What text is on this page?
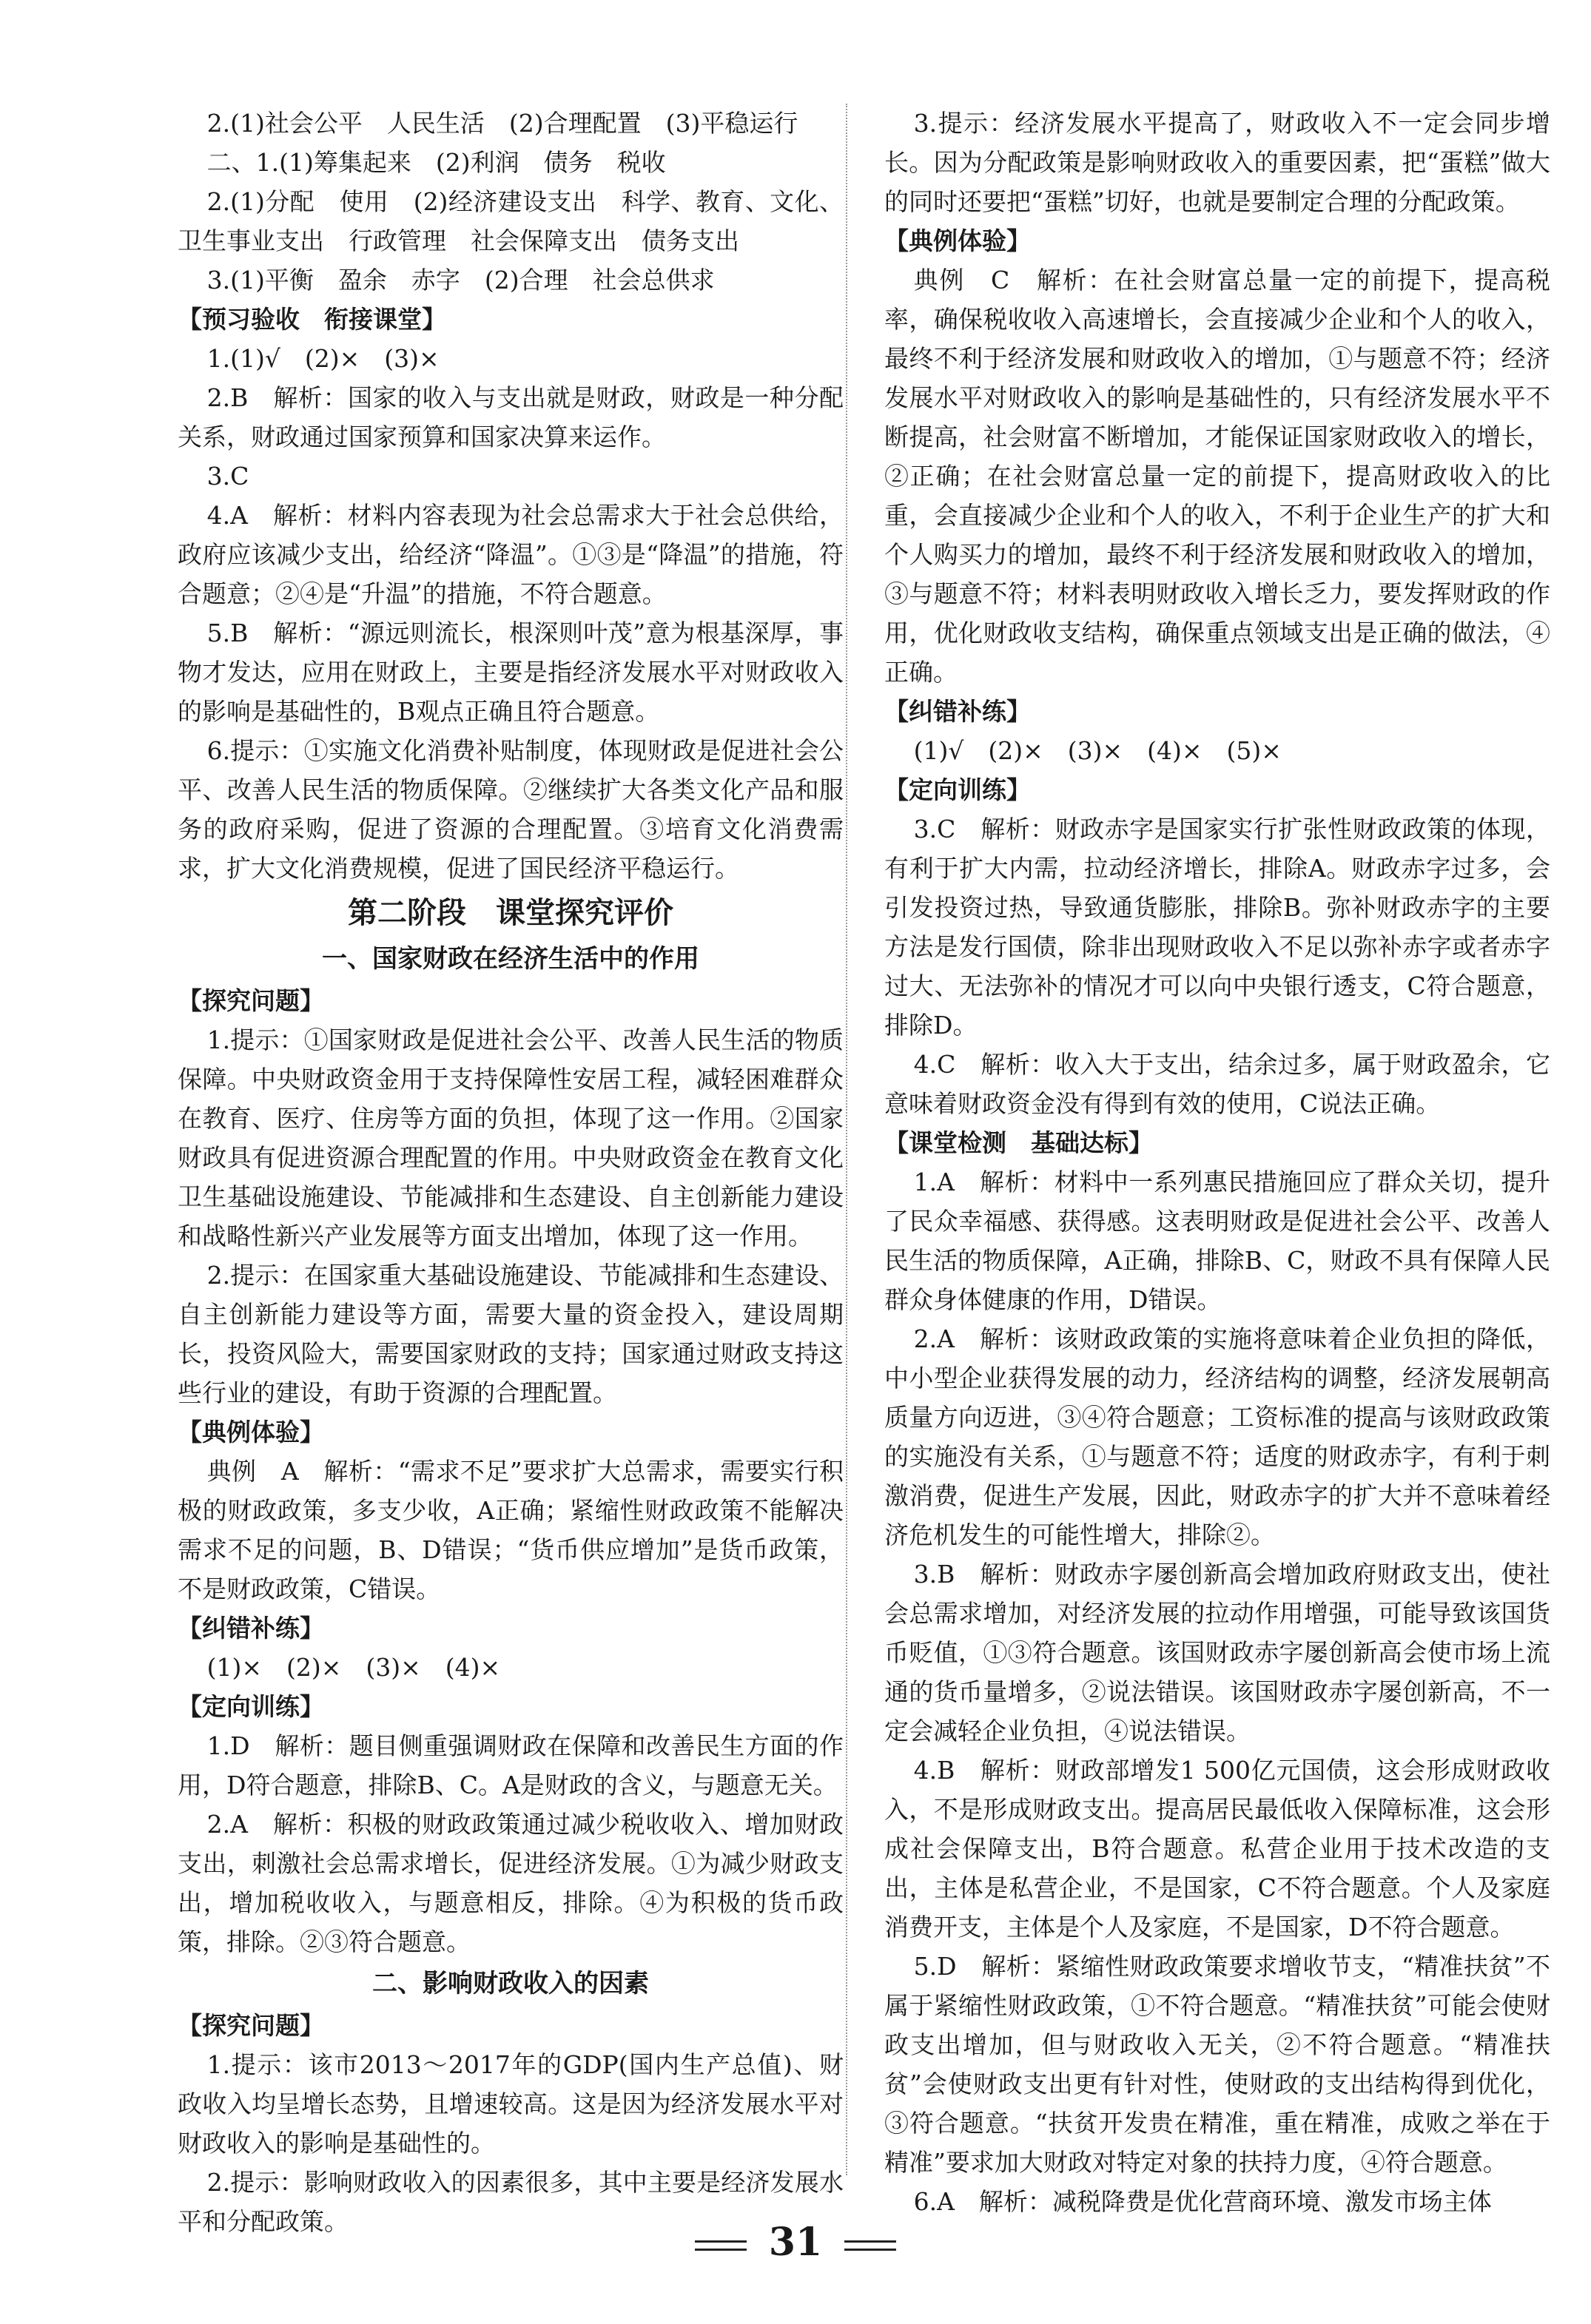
2.(1)社会公平　人民生活　(2)合理配置　(3)平稳运行

二、1.(1)筹集起来　(2)利润　债务　税收

2.(1)分配　使用　(2)经济建设支出　科学、教育、文化、卫生事业支出　行政管理　社会保障支出　债务支出

3.(1)平衡　盈余　赤字　(2)合理　社会总供求

【预习验收　衔接课堂】

1.(1)√　(2)×　(3)×

2.B　解析：国家的收入与支出就是财政，财政是一种分配关系，财政通过国家预算和国家决算来运作。

3.C

4.A　解析：材料内容表现为社会总需求大于社会总供给，政府应该减少支出，给经济“降温”。①③是“降温”的措施，符合题意；②④是“升温”的措施，不符合题意。

5.B　解析：“源远则流长，根深则叶茂”意为根基深厚，事物才发达，应用在财政上，主要是指经济发展水平对财政收入的影响是基础性的，B观点正确且符合题意。

6.提示：①实施文化消费补贴制度，体现财政是促进社会公平、改善人民生活的物质保障。②继续扩大各类文化产品和服务的政府采购，促进了资源的合理配置。③培育文化消费需求，扩大文化消费规模，促进了国民经济平稳运行。

第二阶段　课堂探究评价

一、国家财政在经济生活中的作用

【探究问题】

1.提示：①国家财政是促进社会公平、改善人民生活的物质保障。中央财政资金用于支持保障性安居工程，减轻困难群众在教育、医疗、住房等方面的负担，体现了这一作用。②国家财政具有促进资源合理配置的作用。中央财政资金在教育文化卫生基础设施建设、节能减排和生态建设、自主创新能力建设和战略性新兴产业发展等方面支出增加，体现了这一作用。

2.提示：在国家重大基础设施建设、节能减排和生态建设、自主创新能力建设等方面，需要大量的资金投入，建设周期长，投资风险大，需要国家财政的支持；国家通过财政支持这些行业的建设，有助于资源的合理配置。

【典例体验】

典例　A　解析：“需求不足”要求扩大总需求，需要实行积极的财政政策，多支少收，A正确；紧缩性财政政策不能解决需求不足的问题，B、D错误；“货币供应增加”是货币政策，不是财政政策，C错误。

【纠错补练】

(1)×　(2)×　(3)×　(4)×

【定向训练】

1.D　解析：题目侧重强调财政在保障和改善民生方面的作用，D符合题意，排除B、C。A是财政的含义，与题意无关。

2.A　解析：积极的财政政策通过减少税收收入、增加财政支出，刺激社会总需求增长，促进经济发展。①为减少财政支出，增加税收收入，与题意相反，排除。④为积极的货币政策，排除。②③符合题意。

二、影响财政收入的因素

【探究问题】

1.提示：该市2013～2017年的GDP(国内生产总值)、财政收入均呈增长态势，且增速较高。这是因为经济发展水平对财政收入的影响是基础性的。

2.提示：影响财政收入的因素很多，其中主要是经济发展水平和分配政策。

3.提示：经济发展水平提高了，财政收入不一定会同步增长。因为分配政策是影响财政收入的重要因素，把“蛋糕”做大的同时还要把“蛋糕”切好，也就是要制定合理的分配政策。

【典例体验】

典例　C　解析：在社会财富总量一定的前提下，提高税率，确保税收收入高速增长，会直接减少企业和个人的收入，最终不利于经济发展和财政收入的增加，①与题意不符；经济发展水平对财政收入的影响是基础性的，只有经济发展水平不断提高，社会财富不断增加，才能保证国家财政收入的增长，②正确；在社会财富总量一定的前提下，提高财政收入的比重，会直接减少企业和个人的收入，不利于企业生产的扩大和个人购买力的增加，最终不利于经济发展和财政收入的增加，③与题意不符；材料表明财政收入增长乏力，要发挥财政的作用，优化财政收支结构，确保重点领域支出是正确的做法，④正确。

【纠错补练】

(1)√　(2)×　(3)×　(4)×　(5)×

【定向训练】

3.C　解析：财政赤字是国家实行扩张性财政政策的体现，有利于扩大内需，拉动经济增长，排除A。财政赤字过多，会引发投资过热，导致通货膨胀，排除B。弥补财政赤字的主要方法是发行国债，除非出现财政收入不足以弥补赤字或者赤字过大、无法弥补的情况才可以向中央银行透支，C符合题意，排除D。

4.C　解析：收入大于支出，结余过多，属于财政盈余，它意味着财政资金没有得到有效的使用，C说法正确。

【课堂检测　基础达标】

1.A　解析：材料中一系列惠民措施回应了群众关切，提升了民众幸福感、获得感。这表明财政是促进社会公平、改善人民生活的物质保障，A正确，排除B、C，财政不具有保障人民群众身体健康的作用，D错误。

2.A　解析：该财政政策的实施将意味着企业负担的降低，中小型企业获得发展的动力，经济结构的调整，经济发展朝高质量方向迈进，③④符合题意；工资标准的提高与该财政政策的实施没有关系，①与题意不符；适度的财政赤字，有利于刺激消费，促进生产发展，因此，财政赤字的扩大并不意味着经济危机发生的可能性增大，排除②。

3.B　解析：财政赤字屡创新高会增加政府财政支出，使社会总需求增加，对经济发展的拉动作用增强，可能导致该国货币贬值，①③符合题意。该国财政赤字屡创新高会使市场上流通的货币量增多，②说法错误。该国财政赤字屡创新高，不一定会减轻企业负担，④说法错误。

4.B　解析：财政部增发1 500亿元国债，这会形成财政收入，不是形成财政支出。提高居民最低收入保障标准，这会形成社会保障支出，B符合题意。私营企业用于技术改造的支出，主体是私营企业，不是国家，C不符合题意。个人及家庭消费开支，主体是个人及家庭，不是国家，D不符合题意。

5.D　解析：紧缩性财政政策要求增收节支，“精准扶贫”不属于紧缩性财政政策，①不符合题意。“精准扶贫”可能会使财政支出增加，但与财政收入无关，②不符合题意。“精准扶贫”会使财政支出更有针对性，使财政的支出结构得到优化，③符合题意。“扶贫开发贵在精准，重在精准，成败之举在于精准”要求加大财政对特定对象的扶持力度，④符合题意。

6.A　解析：减税降费是优化营商环境、激发市场主体

31
